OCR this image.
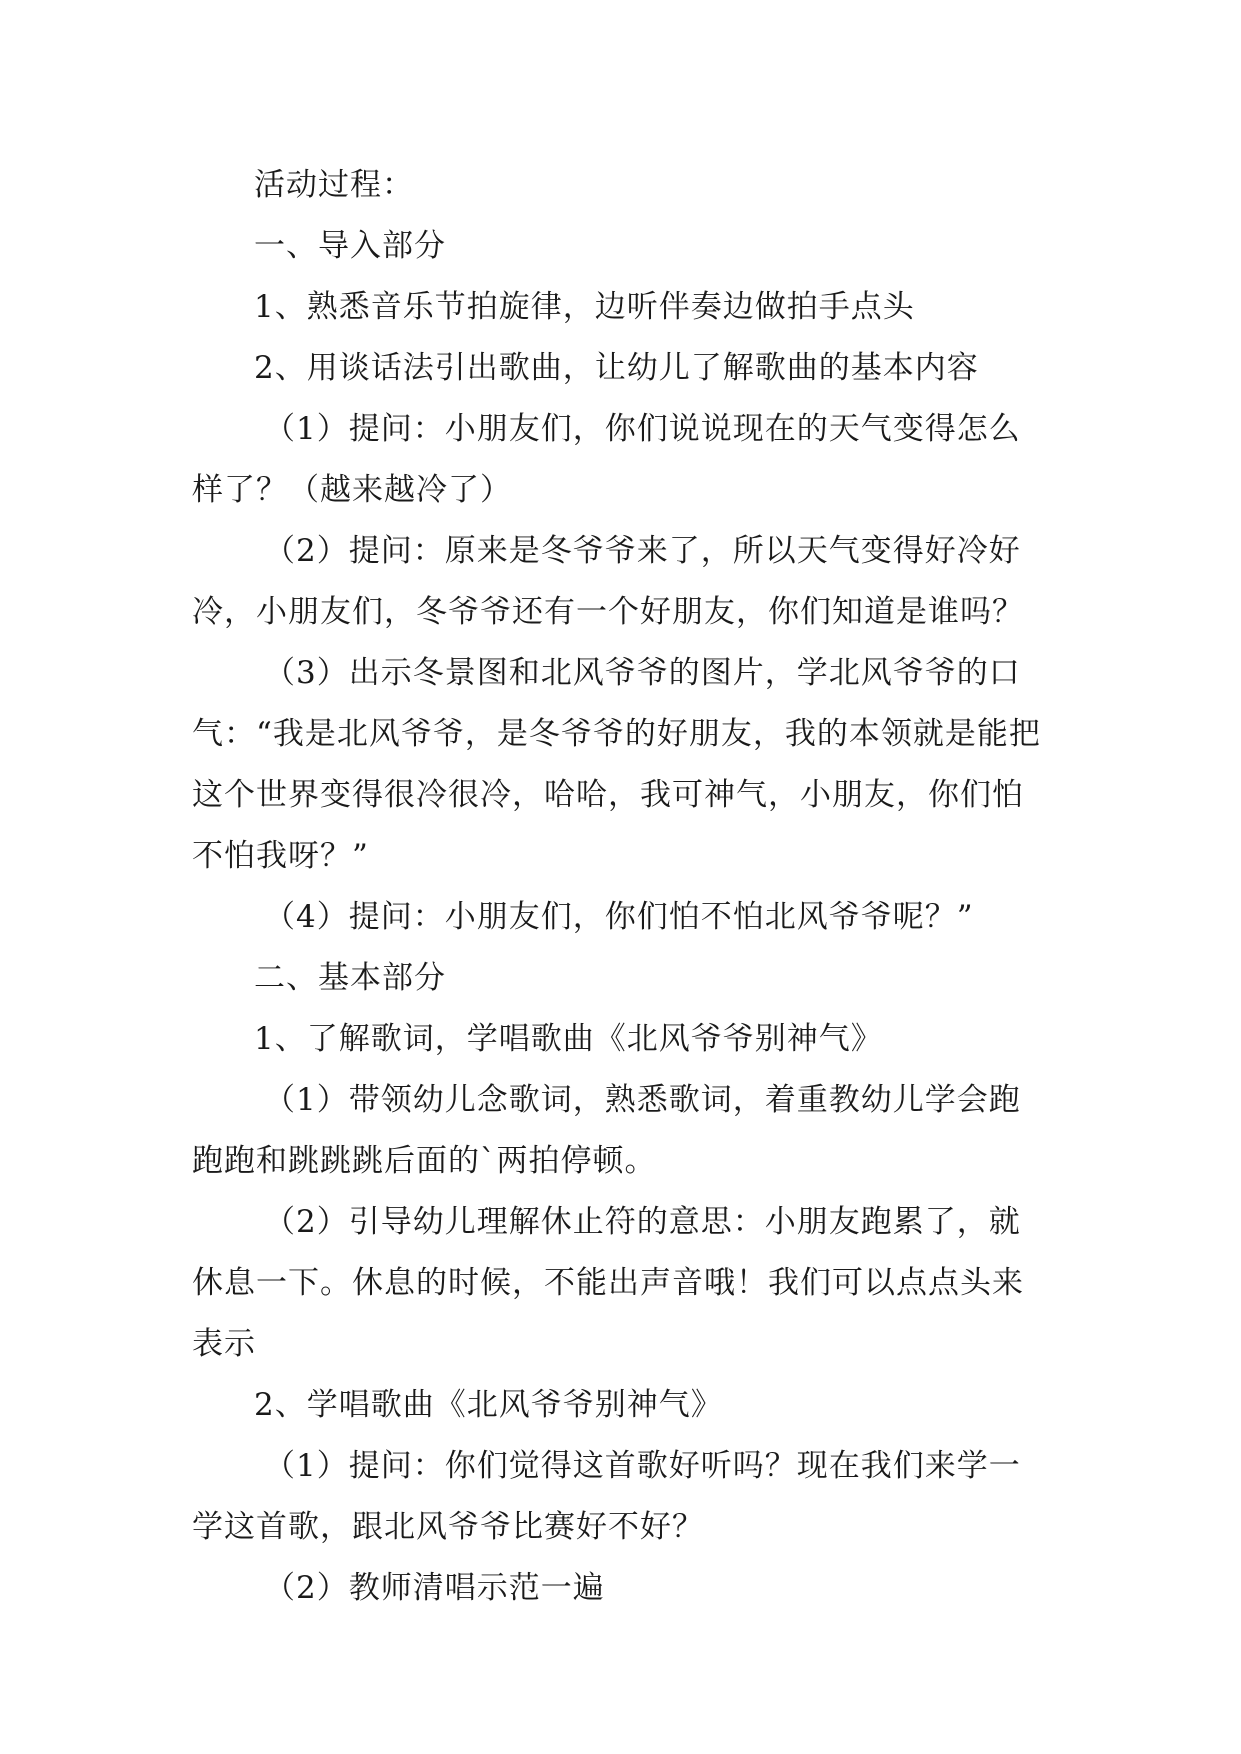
活动过程：

一、导入部分

1、熟悉音乐节拍旋律，边听伴奏边做拍手点头

2、用谈话法引出歌曲，让幼儿了解歌曲的基本内容

（1）提问：小朋友们，你们说说现在的天气变得怎么样了？（越来越冷了）

（2）提问：原来是冬爷爷来了，所以天气变得好冷好冷，小朋友们，冬爷爷还有一个好朋友，你们知道是谁吗？

（3）出示冬景图和北风爷爷的图片，学北风爷爷的口气：“我是北风爷爷，是冬爷爷的好朋友，我的本领就是能把这个世界变得很冷很冷，哈哈，我可神气，小朋友，你们怕不怕我呀？”

（4）提问：小朋友们，你们怕不怕北风爷爷呢？”

二、基本部分

1、了解歌词，学唱歌曲《北风爷爷别神气》

（1）带领幼儿念歌词，熟悉歌词，着重教幼儿学会跑跑跑和跳跳跳后面的`两拍停顿。

（2）引导幼儿理解休止符的意思：小朋友跑累了，就休息一下。休息的时候，不能出声音哦！我们可以点点头来表示

2、学唱歌曲《北风爷爷别神气》

（1）提问：你们觉得这首歌好听吗？现在我们来学一学这首歌，跟北风爷爷比赛好不好？

（2）教师清唱示范一遍
